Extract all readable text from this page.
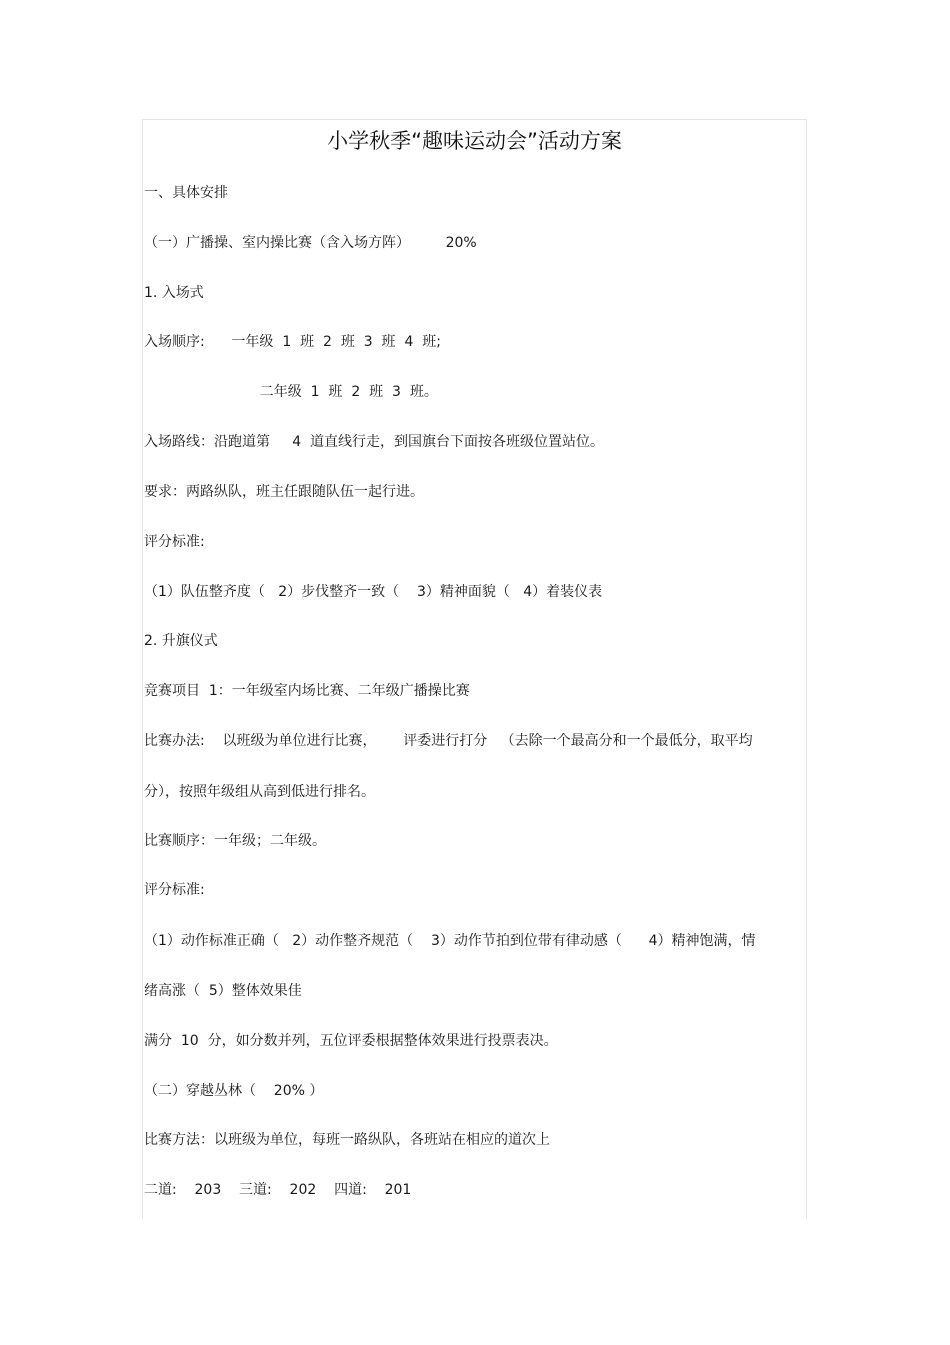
小学秋季“趣味运动会”活动方案

一、具体安排

（一）广播操、室内操比赛（含入场方阵）        20%

1. 入场式

入场顺序:      一年级  1  班  2  班  3  班  4  班;

二年级  1  班  2  班  3  班。

入场路线：沿跑道第     4  道直线行走，到国旗台下面按各班级位置站位。

要求：两路纵队，班主任跟随队伍一起行进。

评分标准:

（1）队伍整齐度（   2）步伐整齐一致（    3）精神面貌（   4）着装仪表

2. 升旗仪式

竞赛项目  1：一年级室内场比赛、二年级广播操比赛

比赛办法:    以班级为单位进行比赛，      评委进行打分   （去除一个最高分和一个最低分，取平均

分），按照年级组从高到低进行排名。

比赛顺序：一年级；二年级。

评分标准:

（1）动作标准正确（   2）动作整齐规范（    3）动作节拍到位带有律动感（      4）精神饱满，情

绪高涨（  5）整体效果佳

满分  10  分，如分数并列，五位评委根据整体效果进行投票表决。

（二）穿越丛林（    20% ）

比赛方法：以班级为单位，每班一路纵队，各班站在相应的道次上

二道:    203    三道:    202    四道:    201
